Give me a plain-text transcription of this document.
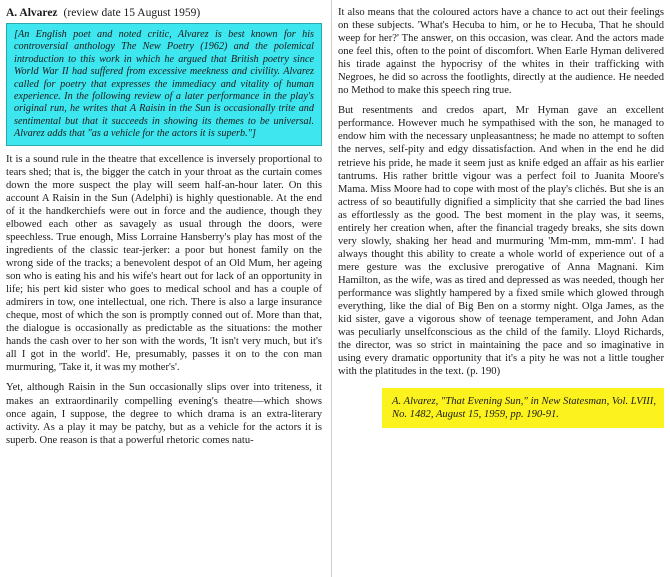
A. Alvarez (review date 15 August 1959)
[An English poet and noted critic, Alvarez is best known for his controversial anthology The New Poetry (1962) and the polemical introduction to this work in which he argued that British poetry since World War II had suffered from excessive meekness and civility. Alvarez called for poetry that expresses the immediacy and vitality of human experience. In the following review of a later performance in the play's original run, he writes that A Raisin in the Sun is occasionally trite and sentimental but that it succeeds in showing its themes to be universal. Alvarez adds that "as a vehicle for the actors it is superb."]

It is a sound rule in the theatre that excellence is inversely proportional to tears shed; that is, the bigger the catch in your throat as the curtain comes down the more suspect the play will seem half-an-hour later. On this account A Raisin in the Sun (Adelphi) is highly questionable. At the end of it the handkerchiefs were out in force and the audience, though they elbowed each other as savagely as usual through the doors, were speechless. True enough, Miss Lorraine Hansberry's play has most of the ingredients of the classic tear-jerker: a poor but honest family on the wrong side of the tracks; a benevolent despot of an Old Mum, her ageing son who is eating his and his wife's heart out for lack of an opportunity in life; his pert kid sister who goes to medical school and has a couple of admirers in tow, one intellectual, one rich. There is also a large insurance cheque, most of which the son is promptly conned out of. More than that, the dialogue is occasionally as predictable as the situations: the mother hands the cash over to her son with the words, 'It isn't very much, but it's all I got in the world'. He, presumably, passes it on to the con man murmuring, 'Take it, it was my mother's'.

Yet, although Raisin in the Sun occasionally slips over into triteness, it makes an extraordinarily compelling evening's theatre—which shows once again, I suppose, the degree to which drama is an extra-literary activity. As a play it may be patchy, but as a vehicle for the actors it is superb. One reason is that a powerful rhetoric comes natu-

It also means that the coloured actors have a chance to act out their feelings on these subjects. 'What's Hecuba to him, or he to Hecuba, That he should weep for her?' The answer, on this occasion, was clear. And the actors made one feel this, often to the point of discomfort. When Earle Hyman delivered his tirade against the hypocrisy of the whites in their trafficking with Negroes, he did so across the footlights, directly at the audience. He needed no Method to make this speech ring true.

But resentments and credos apart, Mr Hyman gave an excellent performance. However much he sympathised with the son, he managed to endow him with the necessary unpleasantness; he made no attempt to soften the nerves, self-pity and edgy dissatisfaction. And when in the end he did retrieve his pride, he made it seem just as knife edged an affair as his earlier tantrums. His rather brittle vigour was a perfect foil to Juanita Moore's Mama. Miss Moore had to cope with most of the play's clichés. But she is an actress of so beautifully dignified a simplicity that she carried the bad lines as effortlessly as the good. The best moment in the play was, it seems, entirely her creation when, after the financial tragedy breaks, she sits down very slowly, shaking her head and murmuring 'Mm-mm, mm-mm'. I had always thought this ability to create a whole world of experience out of a mere gesture was the exclusive prerogative of Anna Magnani. Kim Hamilton, as the wife, was as tired and depressed as was needed, though her performance was slightly hampered by a fixed smile which glowed through everything, like the dial of Big Ben on a stormy night. Olga James, as the kid sister, gave a vigorous show of teenage temperament, and John Adan was peculiarly unselfconscious as the child of the family. Lloyd Richards, the director, was so strict in maintaining the pace and so imaginative in using every dramatic opportunity that it's a pity he was not a little tougher with the platitudes in the text. (p. 190)

A. Alvarez, "That Evening Sun," in New Statesman, Vol. LVIII, No. 1482, August 15, 1959, pp. 190-91.
